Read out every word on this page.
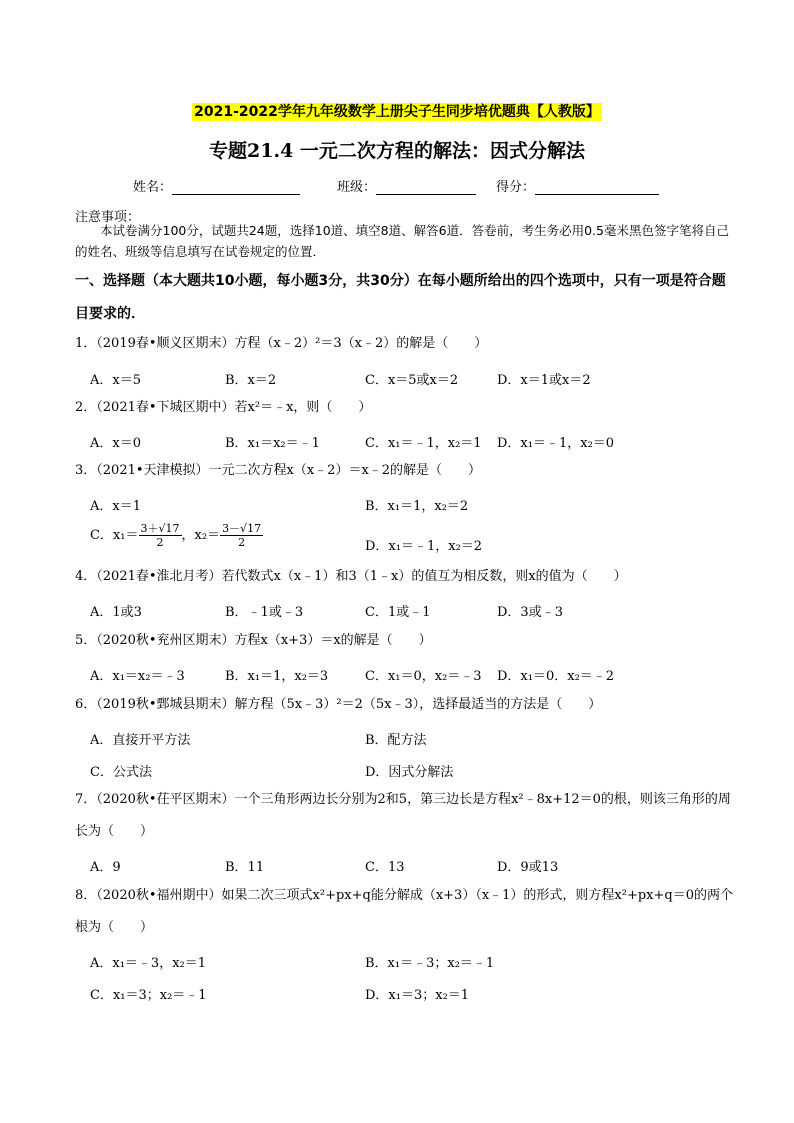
2021-2022学年九年级数学上册尖子生同步培优题典【人教版】
专题21.4 一元二次方程的解法：因式分解法
姓名：	班级：	得分：
注意事项：
本试卷满分100分，试题共24题，选择10道、填空8道、解答6道．答卷前，考生务必用0.5毫米黑色签字笔将自己的姓名、班级等信息填写在试卷规定的位置．
一、选择题（本大题共10小题，每小题3分，共30分）在每小题所给出的四个选项中，只有一项是符合题目要求的．
1．（2019春•顺义区期末）方程（x﹣2）²＝3（x﹣2）的解是（　　）
A．x＝5	B．x＝2	C．x＝5或x＝2	D．x＝1或x＝2
2．（2021春•下城区期中）若x²＝﹣x，则（　　）
A．x＝0	B．x₁＝x₂＝﹣1	C．x₁＝﹣1，x₂＝1 D．x₁＝﹣1，x₂＝0
3．（2021•天津模拟）一元二次方程x（x﹣2）＝x﹣2的解是（　　）
A．x＝1	B．x₁＝1，x₂＝2
C．$x_1= \frac{3+√17}{2}$ ，$x_2= \frac{3-√17}{2}$	D．x₁＝﹣1，x₂＝2
4．（2021春•淮北月考）若代数式x（x﹣1）和3（1﹣x）的值互为相反数，则x的值为（　　）
A．1或3	B．﹣1或﹣3	C．1或﹣1	D．3或﹣3
5．（2020秋•兖州区期末）方程x（x+3）＝x的解是（　　）
A．x₁＝x₂＝﹣3	B．x₁＝1，x₂＝3	C．x₁＝0，x₂＝﹣3 D．x₁＝0．x₂＝﹣2
6．（2019秋•鄄城县期末）解方程（5x﹣3）²＝2（5x﹣3），选择最适当的方法是（　　）
A．直接开平方法	B．配方法
C．公式法	D．因式分解法
7．（2020秋•茌平区期末）一个三角形两边长分别为2和5，第三边长是方程x²﹣8x+12＝0的根，则该三角形的周长为（　　）
A．9	B．11	C．13	D．9或13
8．（2020秋•福州期中）如果二次三项式x²+px+q能分解成（x+3）（x﹣1）的形式，则方程x²+px+q＝0的两个根为（　　）
A．x₁＝﹣3，x₂＝1	B．x₁＝﹣3；x₂＝﹣1
C．x₁＝3；x₂＝﹣1	D．x₁＝3；x₂＝1
